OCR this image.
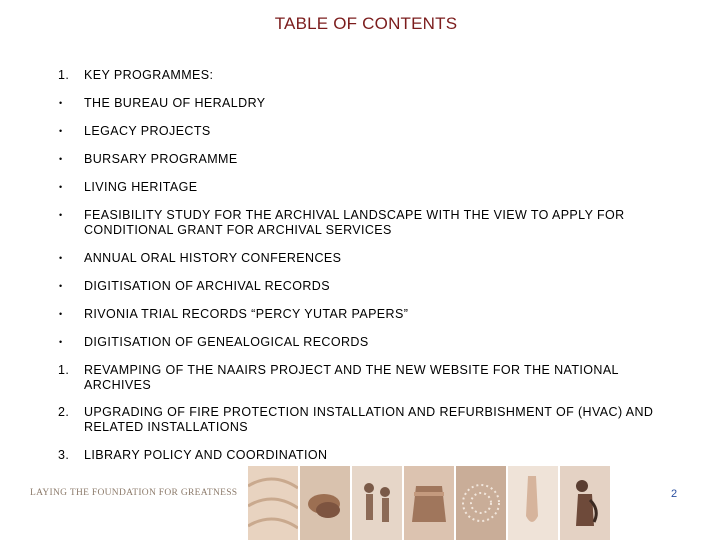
TABLE OF CONTENTS
1.	KEY PROGRAMMES:
•	THE BUREAU OF HERALDRY
•	LEGACY PROJECTS
•	BURSARY PROGRAMME
•	LIVING HERITAGE
•	FEASIBILITY STUDY FOR THE ARCHIVAL LANDSCAPE WITH THE VIEW TO APPLY FOR CONDITIONAL GRANT FOR ARCHIVAL SERVICES
•	ANNUAL ORAL HISTORY CONFERENCES
•	DIGITISATION OF ARCHIVAL RECORDS
•	RIVONIA TRIAL RECORDS “PERCY YUTAR PAPERS”
•	DIGITISATION OF GENEALOGICAL RECORDS
1.	REVAMPING OF THE NAAIRS PROJECT AND THE NEW WEBSITE FOR THE NATIONAL ARCHIVES
2.	UPGRADING OF FIRE PROTECTION INSTALLATION AND REFURBISHMENT OF (HVAC) AND RELATED INSTALLATIONS
3.	LIBRARY POLICY AND COORDINATION
LAYING THE FOUNDATION FOR GREATNESS	2
